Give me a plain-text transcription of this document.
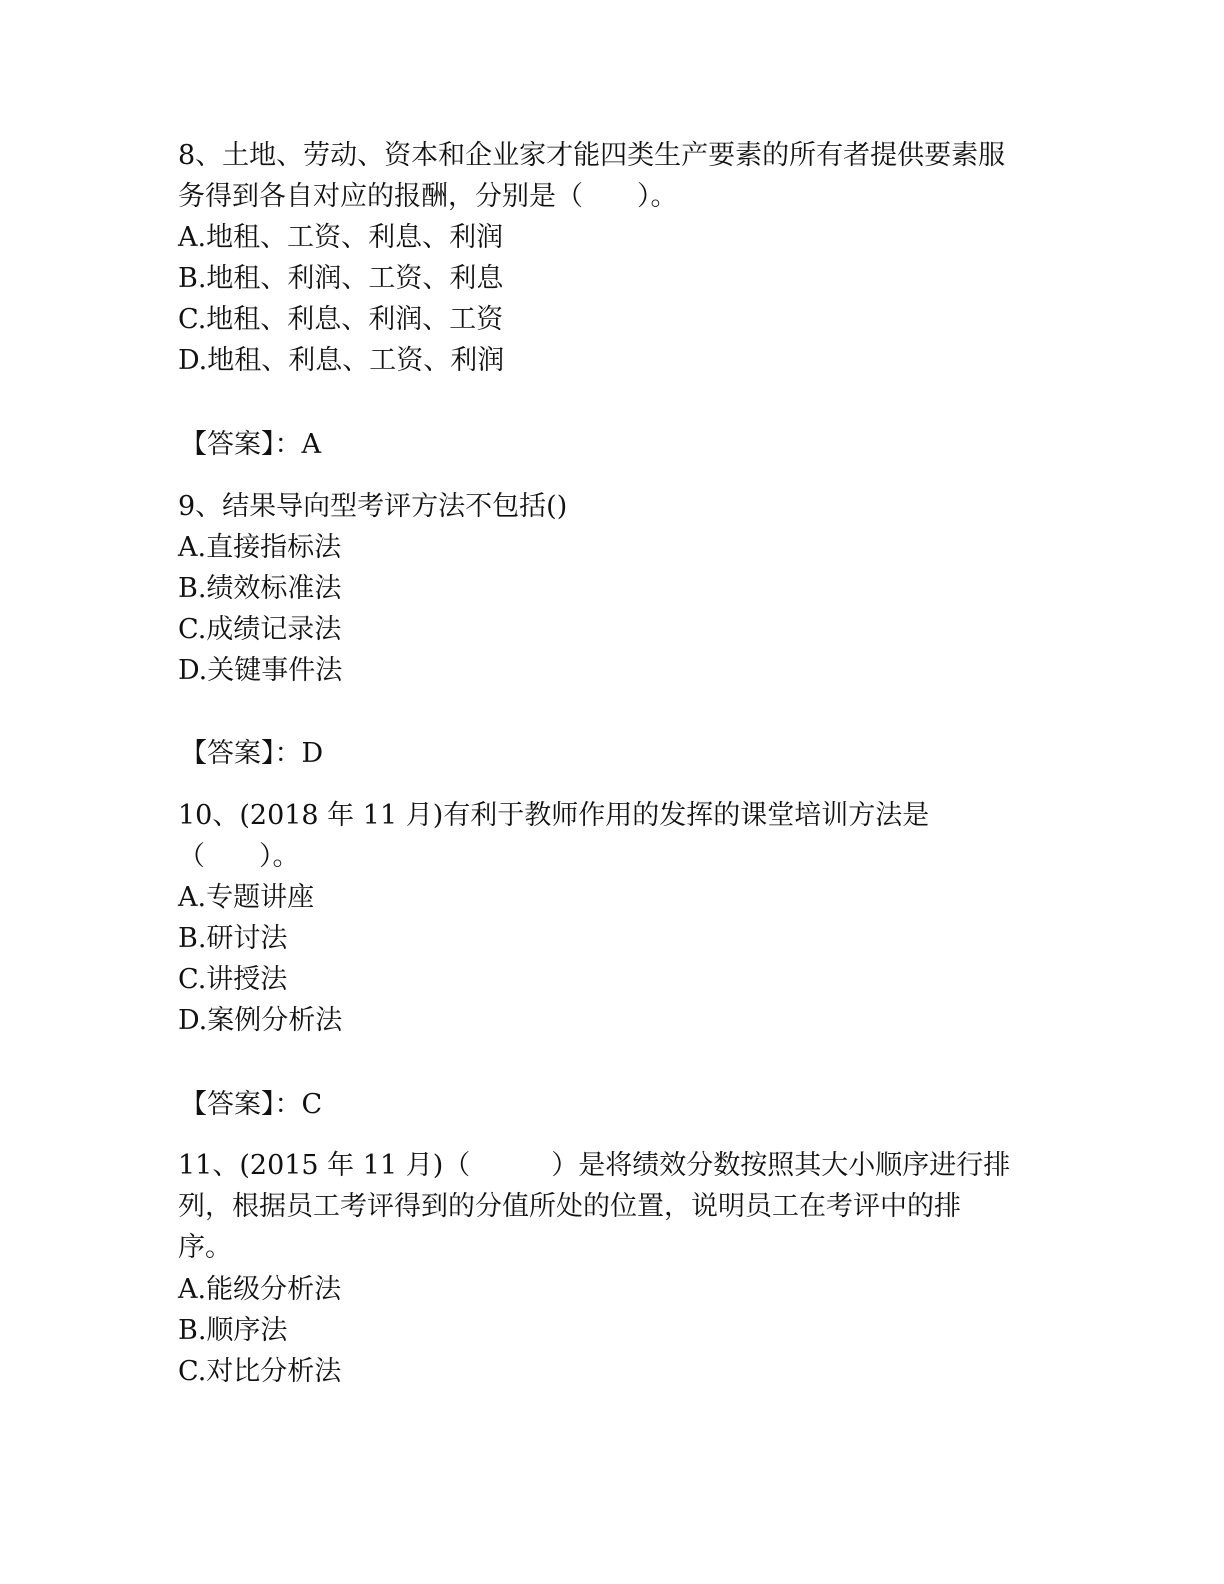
8、土地、劳动、资本和企业家才能四类生产要素的所有者提供要素服
务得到各自对应的报酬，分别是（　　）。
A.地租、工资、利息、利润
B.地租、利润、工资、利息
C.地租、利息、利润、工资
D.地租、利息、工资、利润
【答案】：A
9、结果导向型考评方法不包括()
A.直接指标法
B.绩效标准法
C.成绩记录法
D.关键事件法
【答案】：D
10、(2018 年 11 月)有利于教师作用的发挥的课堂培训方法是
（　　）。
A.专题讲座
B.研讨法
C.讲授法
D.案例分析法
【答案】：C
11、(2015 年 11 月)（　　　）是将绩效分数按照其大小顺序进行排
列，根据员工考评得到的分值所处的位置，说明员工在考评中的排
序。
A.能级分析法
B.顺序法
C.对比分析法
